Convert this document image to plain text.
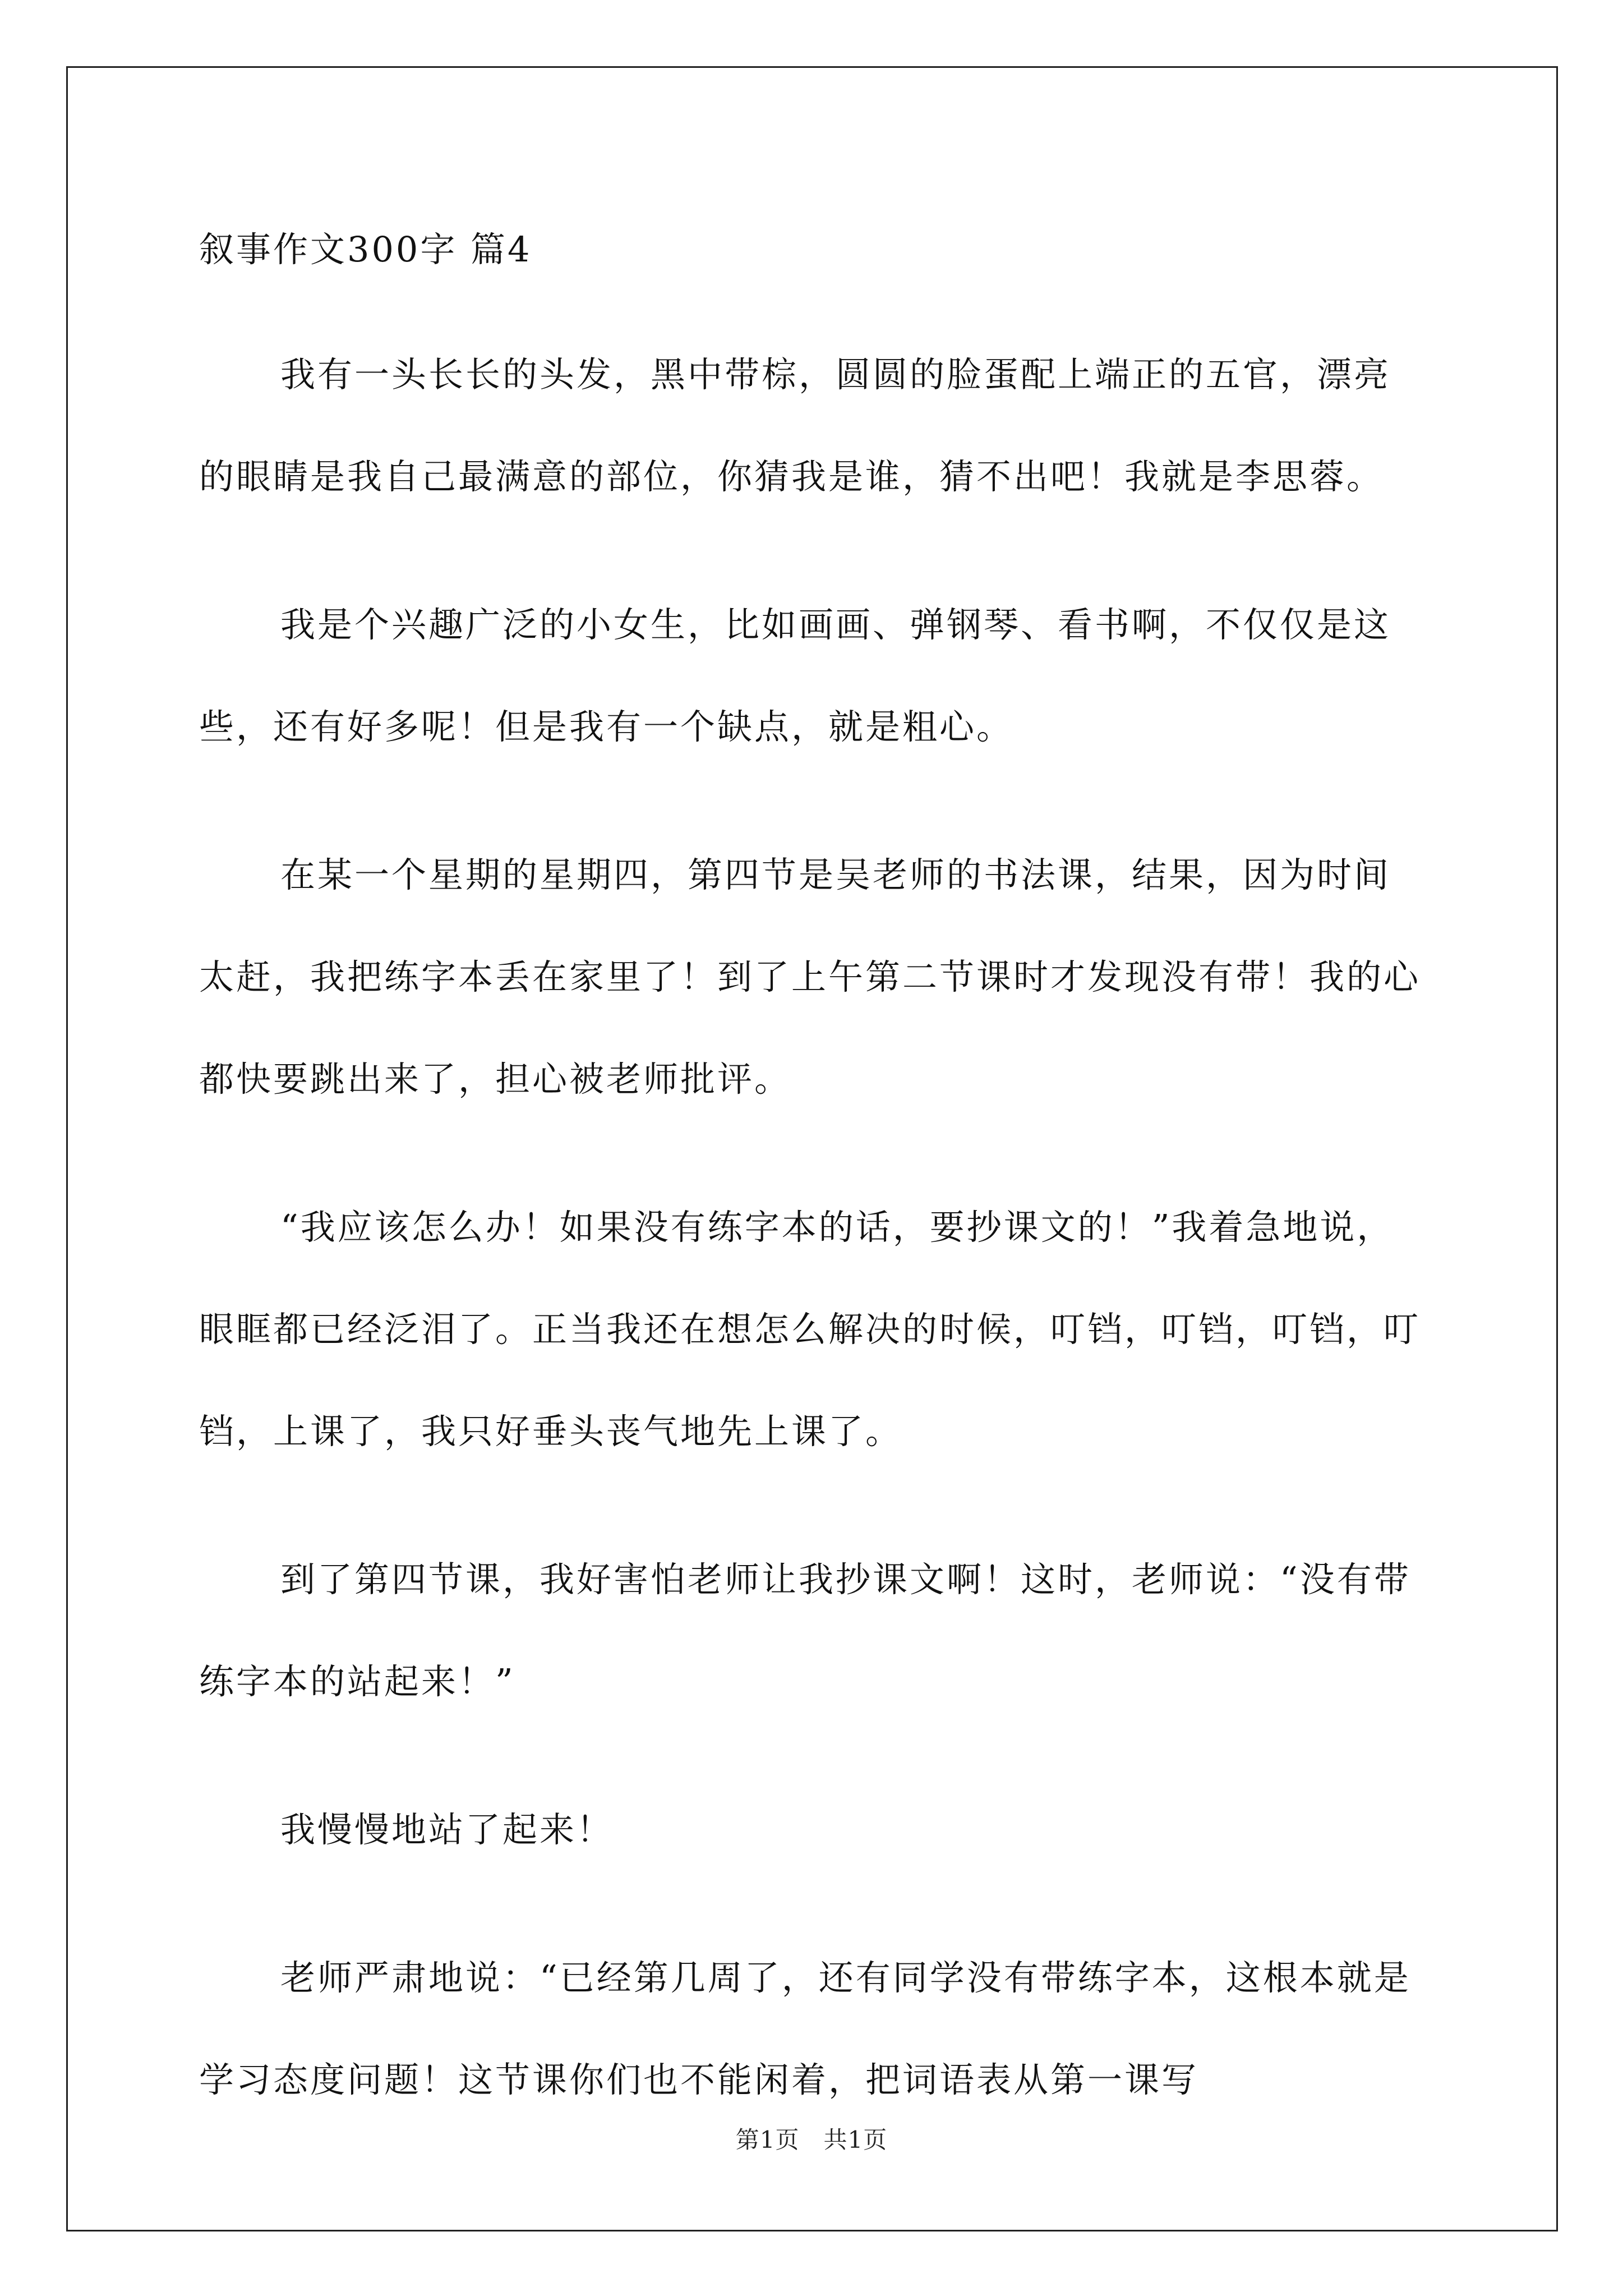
叙事作文300字 篇4

我有一头长长的头发，黑中带棕，圆圆的脸蛋配上端正的五官，漂亮的眼睛是我自己最满意的部位，你猜我是谁，猜不出吧！我就是李思蓉。

我是个兴趣广泛的小女生，比如画画、弹钢琴、看书啊，不仅仅是这些，还有好多呢！但是我有一个缺点，就是粗心。

在某一个星期的星期四，第四节是吴老师的书法课，结果，因为时间太赶，我把练字本丢在家里了！到了上午第二节课时才发现没有带！我的心都快要跳出来了，担心被老师批评。

“我应该怎么办！如果没有练字本的话，要抄课文的！”我着急地说，眼眶都已经泛泪了。正当我还在想怎么解决的时候，叮铛，叮铛，叮铛，叮铛，上课了，我只好垂头丧气地先上课了。

到了第四节课，我好害怕老师让我抄课文啊！这时，老师说：“没有带练字本的站起来！”

我慢慢地站了起来！

老师严肃地说：“已经第几周了，还有同学没有带练字本，这根本就是学习态度问题！这节课你们也不能闲着，把词语表从第一课写

第1页　共1页
